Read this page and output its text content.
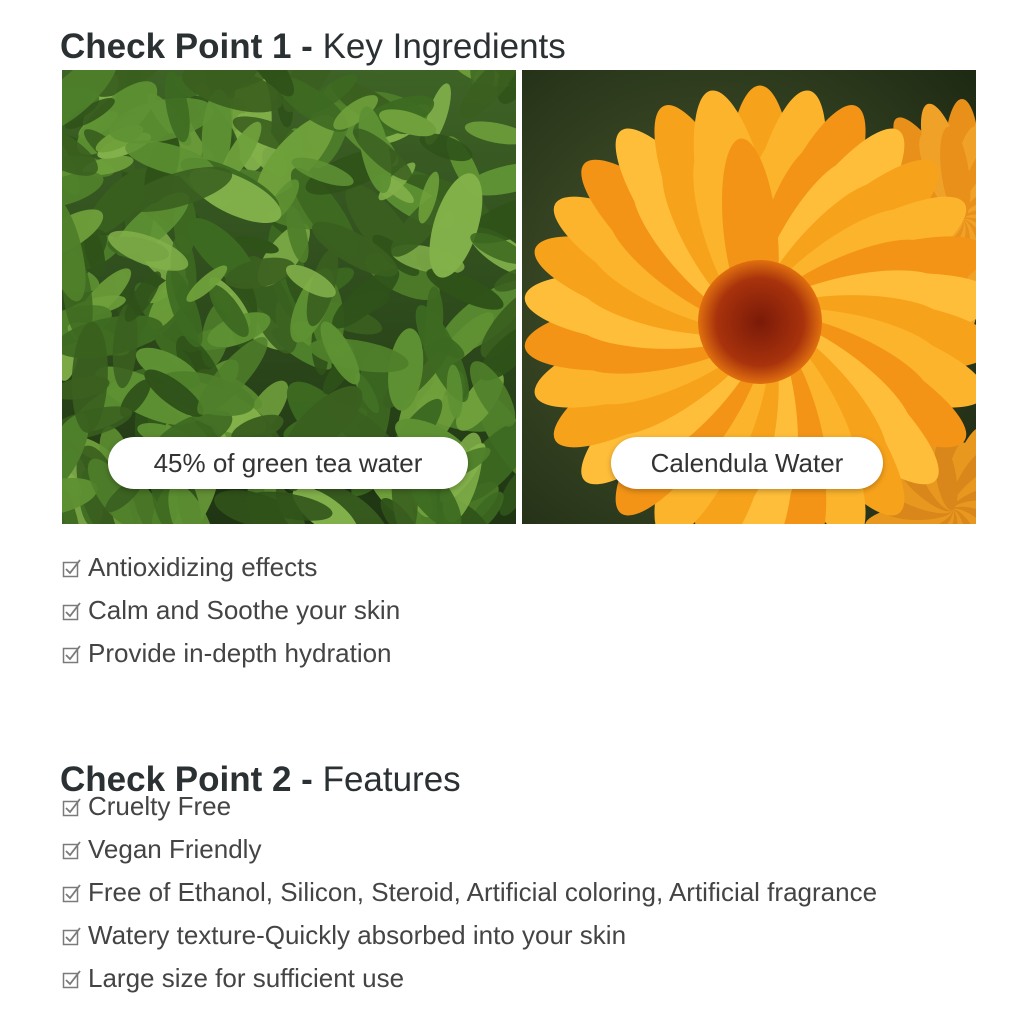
Check Point 1 - Key Ingredients
45% of green tea water	Calendula Water
Antioxidizing effects
Calm and Soothe your skin
Provide in-depth hydration
Check Point 2 - Features
Cruelty Free
Vegan Friendly
Free of Ethanol, Silicon, Steroid, Artificial coloring, Artificial fragrance
Watery texture-Quickly absorbed into your skin
Large size for sufficient use
